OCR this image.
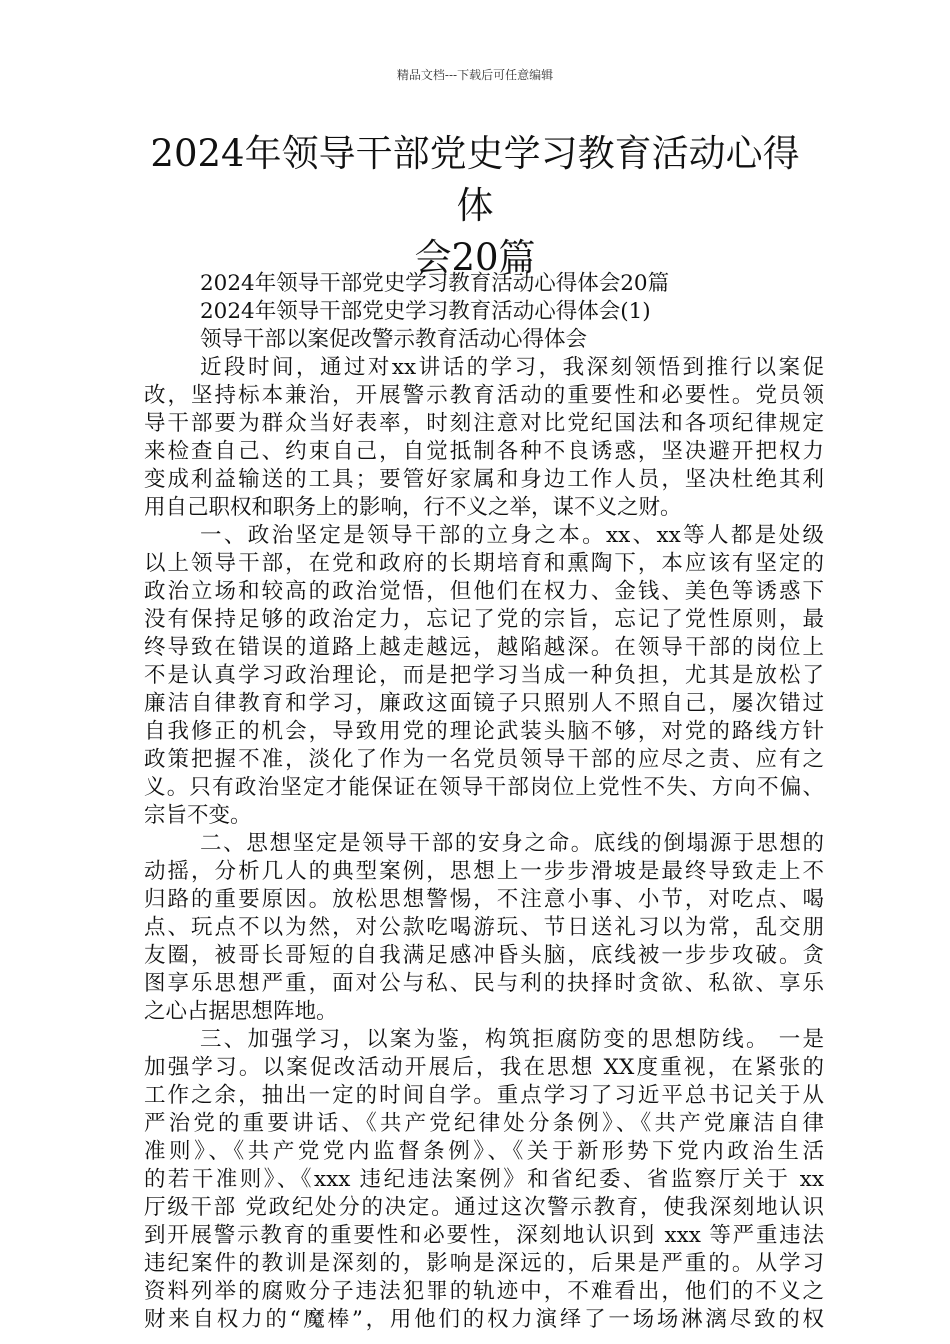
精品文档---下载后可任意编辑
2024年领导干部党史学习教育活动心得体
会20篇
2024年领导干部党史学习教育活动心得体会20篇
2024年领导干部党史学习教育活动心得体会(1)
领导干部以案促改警示教育活动心得体会
近段时间，通过对xx讲话的学习，我深刻领悟到推行以案促
改，坚持标本兼治，开展警示教育活动的重要性和必要性。党员领
导干部要为群众当好表率，时刻注意对比党纪国法和各项纪律规定
来检查自己、约束自己，自觉抵制各种不良诱惑，坚决避开把权力
变成利益输送的工具；要管好家属和身边工作人员，坚决杜绝其利
用自己职权和职务上的影响，行不义之举，谋不义之财。
一、政治坚定是领导干部的立身之本。xx、xx等人都是处级
以上领导干部，在党和政府的长期培育和熏陶下，本应该有坚定的
政治立场和较高的政治觉悟，但他们在权力、金钱、美色等诱惑下
没有保持足够的政治定力，忘记了党的宗旨，忘记了党性原则，最
终导致在错误的道路上越走越远，越陷越深。在领导干部的岗位上
不是认真学习政治理论，而是把学习当成一种负担，尤其是放松了
廉洁自律教育和学习，廉政这面镜子只照别人不照自己，屡次错过
自我修正的机会，导致用党的理论武装头脑不够，对党的路线方针
政策把握不准，淡化了作为一名党员领导干部的应尽之责、应有之
义。只有政治坚定才能保证在领导干部岗位上党性不失、方向不偏、
宗旨不变。
二、思想坚定是领导干部的安身之命。底线的倒塌源于思想的
动摇，分析几人的典型案例，思想上一步步滑坡是最终导致走上不
归路的重要原因。放松思想警惕，不注意小事、小节，对吃点、喝
点、玩点不以为然，对公款吃喝游玩、节日送礼习以为常，乱交朋
友圈，被哥长哥短的自我满足感冲昏头脑，底线被一步步攻破。贪
图享乐思想严重，面对公与私、民与利的抉择时贪欲、私欲、享乐
之心占据思想阵地。
三、加强学习，以案为鉴，构筑拒腐防变的思想防线。 一是
加强学习。以案促改活动开展后，我在思想 XX度重视，在紧张的
工作之余，抽出一定的时间自学。重点学习了习近平总书记关于从
严治党的重要讲话、《共产党纪律处分条例》、《共产党廉洁自律
准则》、《共产党党内监督条例》、《关于新形势下党内政治生活
的若干准则》、《xxx 违纪违法案例》和省纪委、省监察厅关于 xx
厅级干部 党政纪处分的决定。通过这次警示教育，使我深刻地认识
到开展警示教育的重要性和必要性，深刻地认识到 xxx 等严重违法
违纪案件的教训是深刻的，影响是深远的，后果是严重的。从学习
资料列举的腐败分子违法犯罪的轨迹中，不难看出，他们的不义之
财来自权力的“魔棒”，用他们的权力演绎了一场场淋漓尽致的权
